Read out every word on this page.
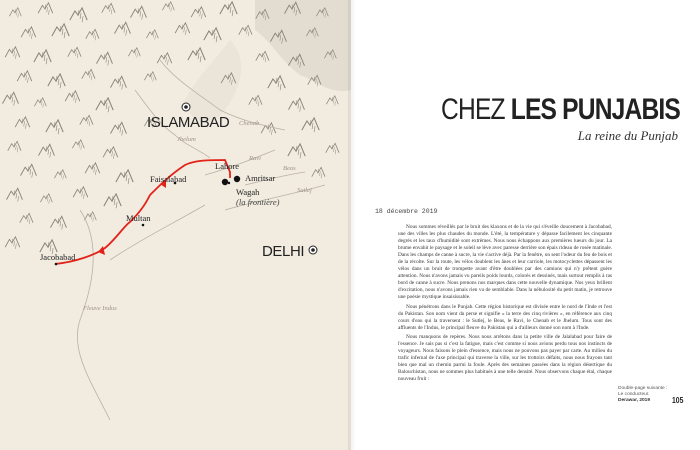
ISLAMABAD
DELHI
Lahore
Amritsar
Wagah
(la frontière)
Faisalabad
Multan
Jacobabad
Chenab
Jhelum
Ravi
Beas
Sutlej
Fleuve Indus
CHEZ LES PUNJABIS
La reine du Punjab
18 décembre 2019

Nous sommes réveillés par le bruit des klaxons et de la vie qui s'éveille doucement à Jacobabad, une des villes les plus chaudes du monde. L'été, la température y dépasse facilement les cinquante degrés et les taux d'humidité sont extrêmes. Nous nous échappons aux premières lueurs du jour. La brume envahit le paysage et le soleil se lève avec paresse derrière son épais rideau de rosée matinale. Dans les champs de canne à sucre, la vie s'active déjà. Par la fenêtre, on sent l'odeur du feu de bois et de la récolte. Sur la route, les vélos doublent les ânes et leur carriole, les motocyclettes dépassent les vélos dans un bruit de trompette avant d'être doublées par des camions qui n'y prêtent guère attention. Nous n'avons jamais vu pareils poids lourds, colorés et dessinés, mais surtout remplis à ras bord de canne à sucre. Nous prenons nos marques dans cette nouvelle dynamique. Nos yeux brillent d'excitation, nous n'avons jamais rien vu de semblable. Dans la nébulosité du petit matin, je retrouve une poésie mystique insaisissable.

Nous pénétrons dans le Punjab. Cette région historique est divisée entre le nord de l'Inde et l'est du Pakistan. Son nom vient du perse et signifie « la terre des cinq rivières », en référence aux cinq cours d'eau qui la traversent : le Sutlej, le Beas, le Ravi, le Chenab et le Jhelum. Tous sont des affluents de l'Indus, le principal fleuve du Pakistan qui a d'ailleurs donné son nom à l'Inde.

Nous manquons de repères. Nous nous arrêtons dans la petite ville de Jalalabad pour faire de l'essence. Je sais pas si c'est la fatigue, mais c'est comme si nous avions perdu tous nos instincts de voyageurs. Nous faisons le plein d'essence, mais nous ne pouvons pas payer par carte. Au milieu du trafic infernal de l'axe principal qui traverse la ville, sur les trottoirs défaits, nous nous frayons tant bien que mal un chemin parmi la foule. Après des semaines passées dans la région désertique du Balouchistan, nous ne sommes plus habitués à une telle densité. Nous observons chaque étal, chaque nouveau fruit :

Double-page suivante :
Le conducteur.
Derawar, 2019	105
